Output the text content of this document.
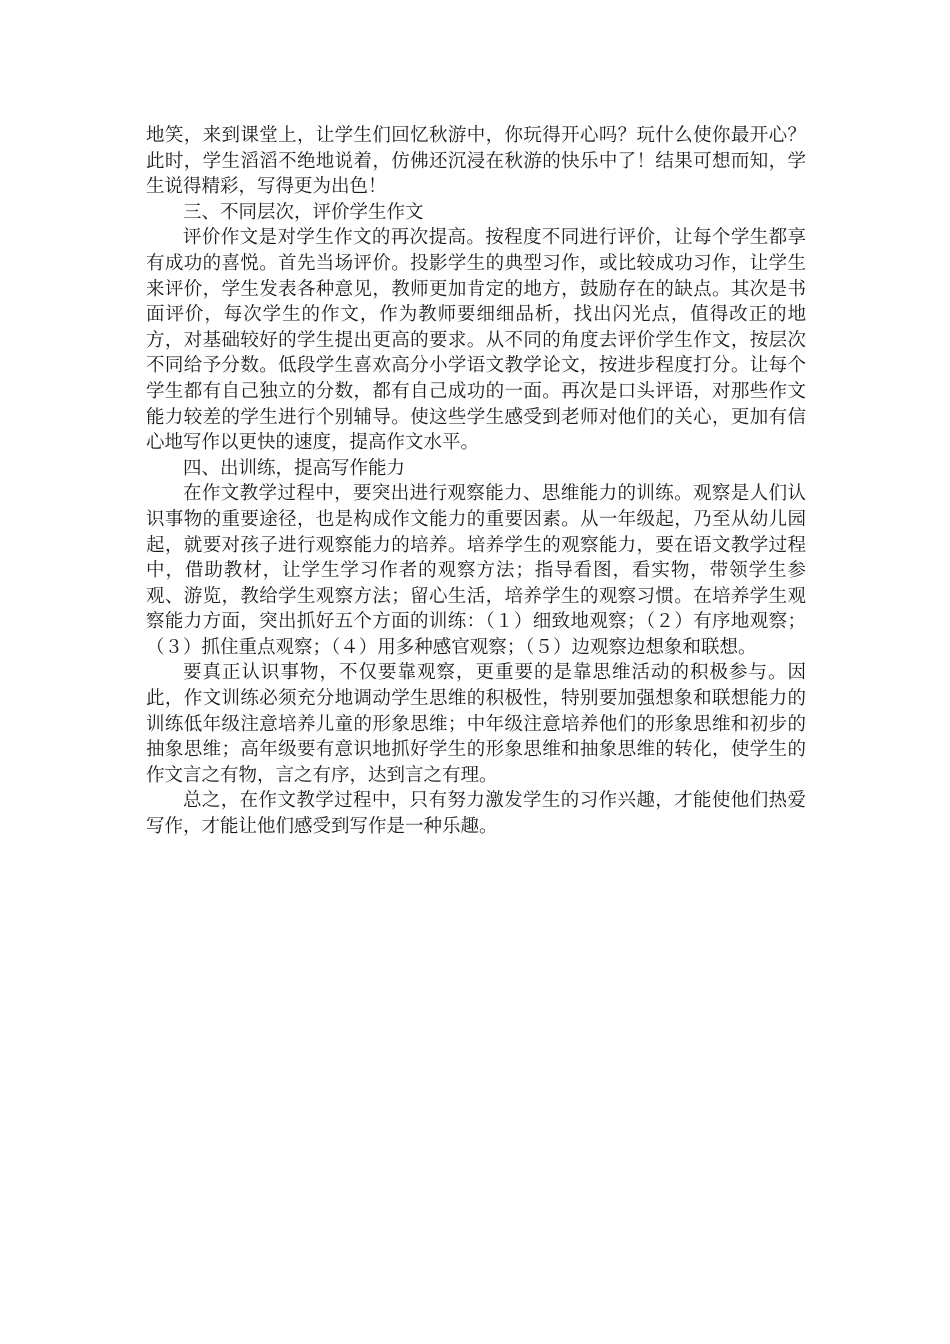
地笑，来到课堂上，让学生们回忆秋游中，你玩得开心吗？玩什么使你最开心？此时，学生滔滔不绝地说着，仿佛还沉浸在秋游的快乐中了！结果可想而知，学生说得精彩，写得更为出色！

三、不同层次，评价学生作文

评价作文是对学生作文的再次提高。按程度不同进行评价，让每个学生都享有成功的喜悦。首先当场评价。投影学生的典型习作，或比较成功习作，让学生来评价，学生发表各种意见，教师更加肯定的地方，鼓励存在的缺点。其次是书面评价，每次学生的作文，作为教师要细细品析，找出闪光点，值得改正的地方，对基础较好的学生提出更高的要求。从不同的角度去评价学生作文，按层次不同给予分数。低段学生喜欢高分小学语文教学论文，按进步程度打分。让每个学生都有自己独立的分数，都有自己成功的一面。再次是口头评语，对那些作文能力较差的学生进行个别辅导。使这些学生感受到老师对他们的关心，更加有信心地写作以更快的速度，提高作文水平。

四、出训练，提高写作能力

在作文教学过程中，要突出进行观察能力、思维能力的训练。观察是人们认识事物的重要途径，也是构成作文能力的重要因素。从一年级起，乃至从幼儿园起，就要对孩子进行观察能力的培养。培养学生的观察能力，要在语文教学过程中，借助教材，让学生学习作者的观察方法；指导看图，看实物，带领学生参观、游览，教给学生观察方法；留心生活，培养学生的观察习惯。在培养学生观察能力方面，突出抓好五个方面的训练：（１）细致地观察；（２）有序地观察；（３）抓住重点观察；（４）用多种感官观察；（５）边观察边想象和联想。

要真正认识事物，不仅要靠观察，更重要的是靠思维活动的积极参与。因此，作文训练必须充分地调动学生思维的积极性，特别要加强想象和联想能力的训练低年级注意培养儿童的形象思维；中年级注意培养他们的形象思维和初步的抽象思维；高年级要有意识地抓好学生的形象思维和抽象思维的转化，使学生的作文言之有物，言之有序，达到言之有理。

总之，在作文教学过程中，只有努力激发学生的习作兴趣，才能使他们热爱写作，才能让他们感受到写作是一种乐趣。
